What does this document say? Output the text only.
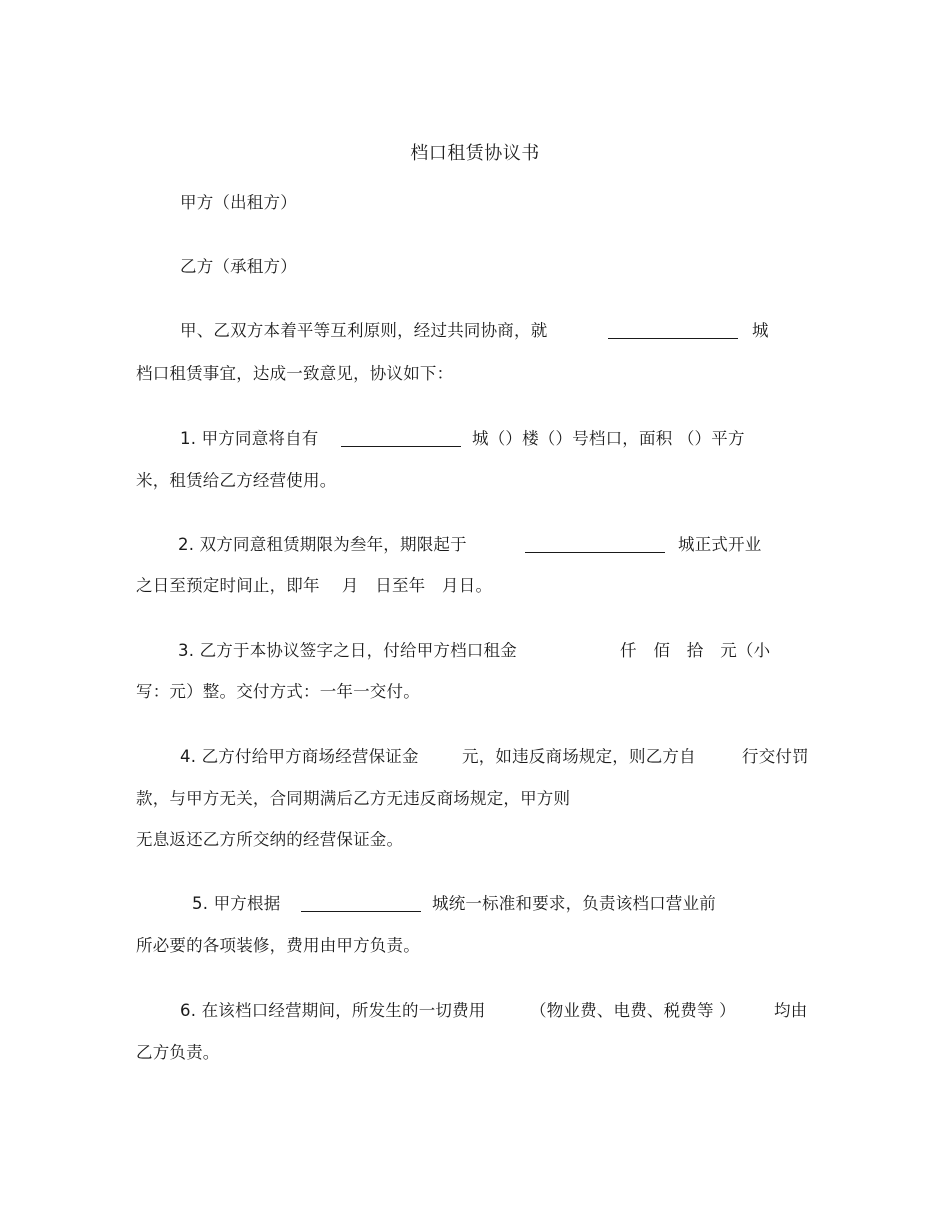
档口租赁协议书
甲方（出租方）
乙方（承租方）
甲、乙双方本着平等互利原则，经过共同协商，就	城
档口租赁事宜，达成一致意见，协议如下：
1. 甲方同意将自有	城（）楼（）号档口，面积 （）平方
米，租赁给乙方经营使用。
2. 双方同意租赁期限为叁年，期限起于	城正式开业
之日至预定时间止，即年　 月　日至年　月日。
3. 乙方于本协议签字之日，付给甲方档口租金	仟　佰　拾　元（小
写：元）整。交付方式：一年一交付。
4. 乙方付给甲方商场经营保证金	元，如违反商场规定，则乙方自	行交付罚
款，与甲方无关，合同期满后乙方无违反商场规定，甲方则
无息返还乙方所交纳的经营保证金。
5. 甲方根据	城统一标准和要求，负责该档口营业前
所必要的各项装修，费用由甲方负责。
6. 在该档口经营期间，所发生的一切费用	（物业费、电费、税费等 ） 均由
乙方负责。
